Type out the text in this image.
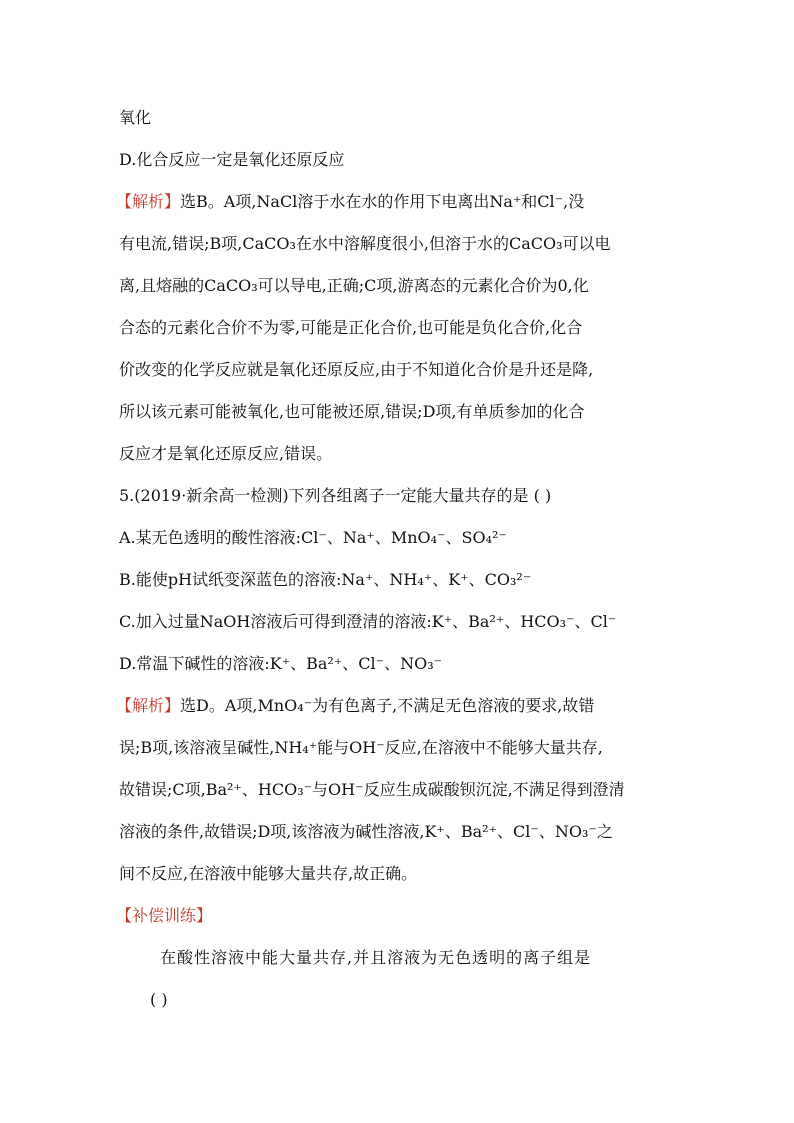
氧化
D.化合反应一定是氧化还原反应
【解析】选B。A项,NaCl溶于水在水的作用下电离出Na⁺和Cl⁻,没
有电流,错误;B项,CaCO₃在水中溶解度很小,但溶于水的CaCO₃可以电
离,且熔融的CaCO₃可以导电,正确;C项,游离态的元素化合价为0,化
合态的元素化合价不为零,可能是正化合价,也可能是负化合价,化合
价改变的化学反应就是氧化还原反应,由于不知道化合价是升还是降,
所以该元素可能被氧化,也可能被还原,错误;D项,有单质参加的化合
反应才是氧化还原反应,错误。
5.(2019·新余高一检测)下列各组离子一定能大量共存的是 ( )
A.某无色透明的酸性溶液:Cl⁻、Na⁺、MnO₄⁻、SO₄²⁻
B.能使pH试纸变深蓝色的溶液:Na⁺、NH₄⁺、K⁺、CO₃²⁻
C.加入过量NaOH溶液后可得到澄清的溶液:K⁺、Ba²⁺、HCO₃⁻、Cl⁻
D.常温下碱性的溶液:K⁺、Ba²⁺、Cl⁻、NO₃⁻
【解析】选D。A项,MnO₄⁻为有色离子,不满足无色溶液的要求,故错
误;B项,该溶液呈碱性,NH₄⁺能与OH⁻反应,在溶液中不能够大量共存,
故错误;C项,Ba²⁺、HCO₃⁻与OH⁻反应生成碳酸钡沉淀,不满足得到澄清
溶液的条件,故错误;D项,该溶液为碱性溶液,K⁺、Ba²⁺、Cl⁻、NO₃⁻之
间不反应,在溶液中能够大量共存,故正确。
【补偿训练】
在酸性溶液中能大量共存,并且溶液为无色透明的离子组是
( )
